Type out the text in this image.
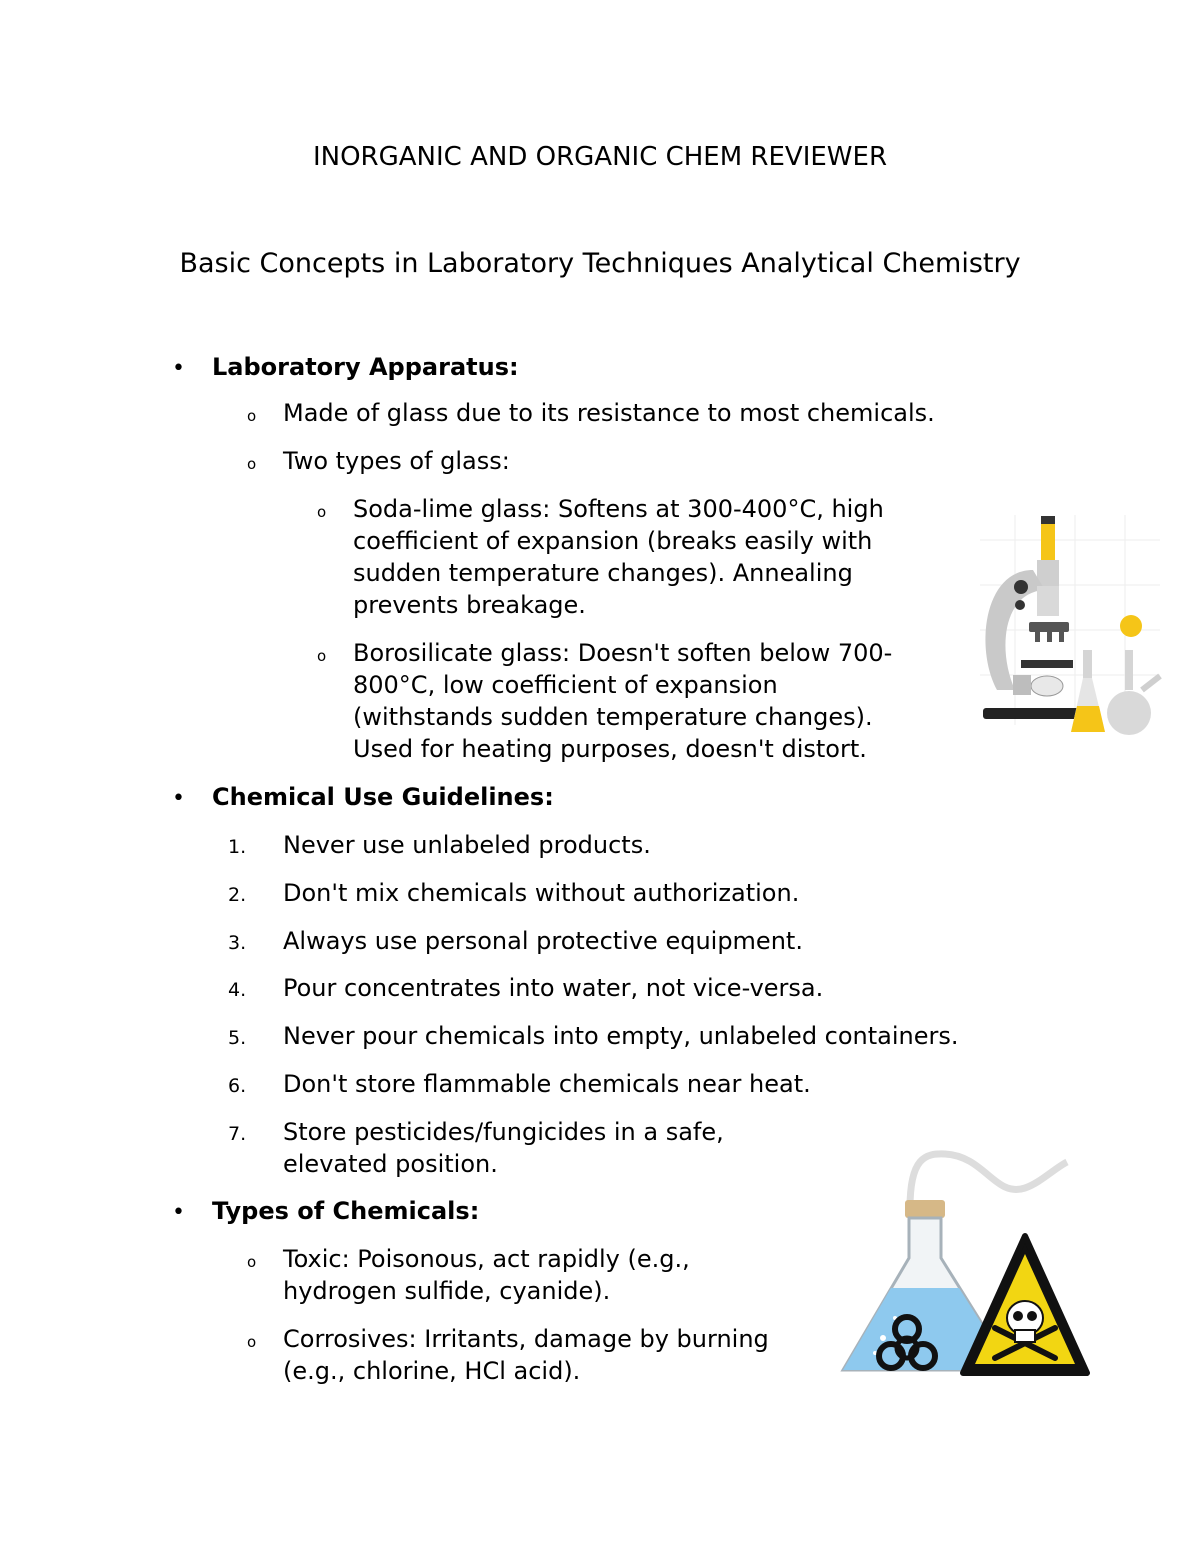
INORGANIC AND ORGANIC CHEM REVIEWER
Basic Concepts in Laboratory Techniques Analytical Chemistry
• Laboratory Apparatus:
o Made of glass due to its resistance to most chemicals.
o Two types of glass:
o Soda-lime glass: Softens at 300-400°C, high
coefficient of expansion (breaks easily with
sudden temperature changes). Annealing
prevents breakage.
o Borosilicate glass: Doesn't soften below 700-
800°C, low coefficient of expansion
(withstands sudden temperature changes).
Used for heating purposes, doesn't distort.
• Chemical Use Guidelines:
1. Never use unlabeled products.
2. Don't mix chemicals without authorization.
3. Always use personal protective equipment.
4. Pour concentrates into water, not vice-versa.
5. Never pour chemicals into empty, unlabeled containers.
6. Don't store flammable chemicals near heat.
7. Store pesticides/fungicides in a safe,
elevated position.
• Types of Chemicals:
o Toxic: Poisonous, act rapidly (e.g.,
hydrogen sulfide, cyanide).
o Corrosives: Irritants, damage by burning
(e.g., chlorine, HCl acid).
